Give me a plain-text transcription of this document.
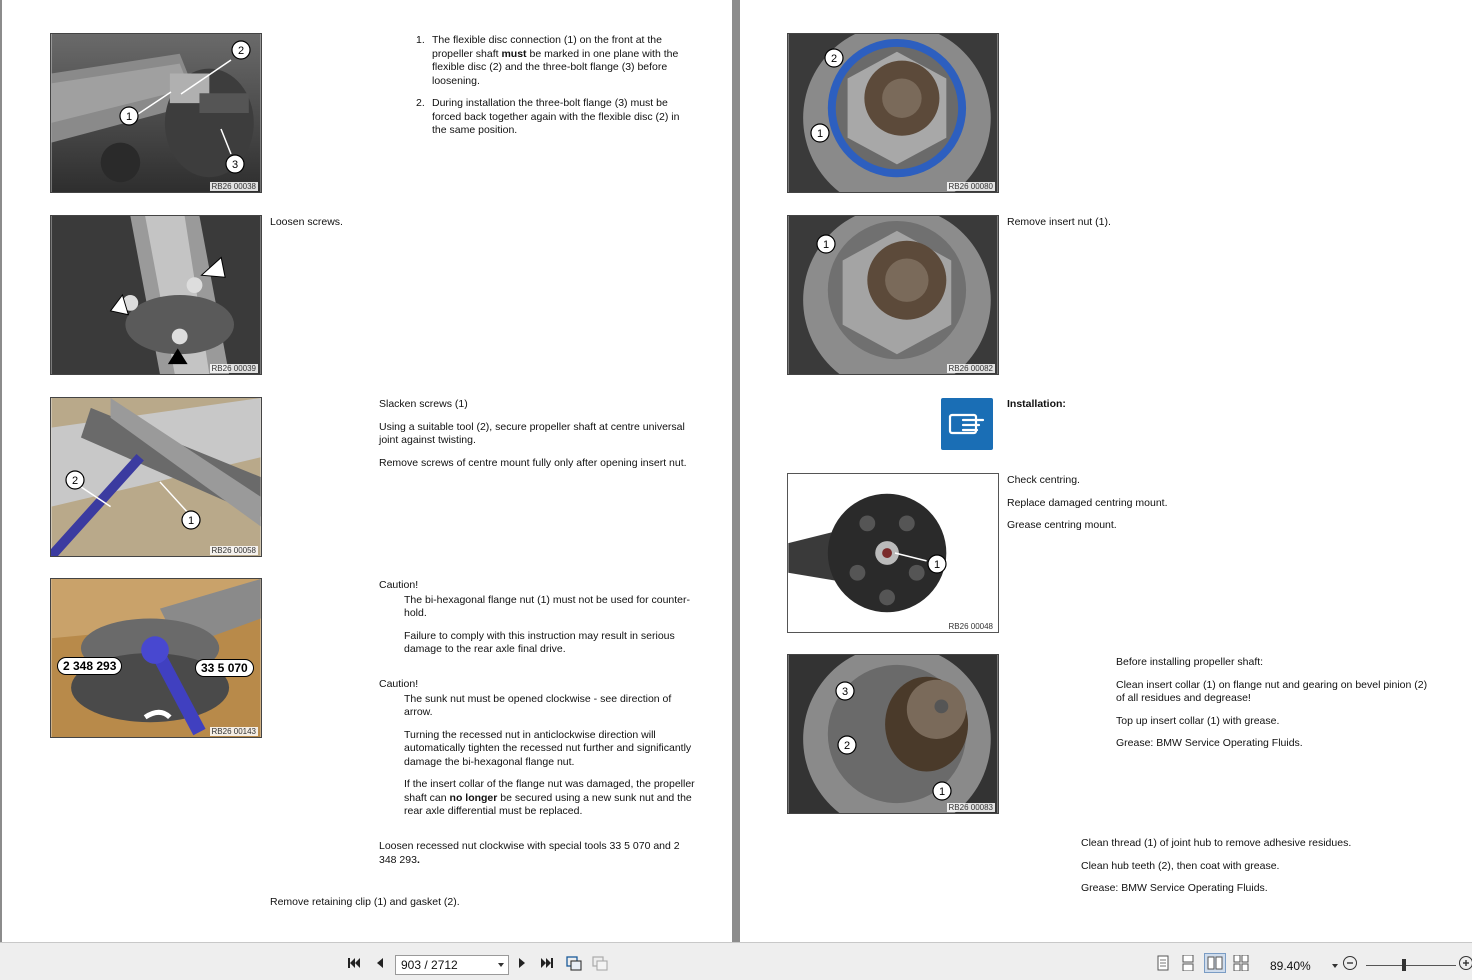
1
2
3
RB26 00038
1. The flexible disc connection (1) on the front at the propeller shaft must be marked in one plane with the flexible disc (2) and the three-bolt flange (3) before loosening.
2. During installation the three-bolt flange (3) must be forced back together again with the flexible disc (2) in the same position.
RB26 00039

Loosen screws.

2
1
RB26 00058

Slacken screws (1)

Using a suitable tool (2), secure propeller shaft at centre universal joint against twisting.

Remove screws of centre mount fully only after opening insert nut.

2 348 293	33 5 070
RB26 00143

Caution!

The bi-hexagonal flange nut (1) must not be used for counter-hold.

Failure to comply with this instruction may result in serious damage to the rear axle final drive.

Caution!

The sunk nut must be opened clockwise - see direction of arrow.

Turning the recessed nut in anticlockwise direction will automatically tighten the recessed nut further and significantly damage the bi-hexagonal flange nut.

If the insert collar of the flange nut was damaged, the propeller shaft can no longer be secured using a new sunk nut and the rear axle differential must be replaced.

Loosen recessed nut clockwise with special tools 33 5 070 and 2 348 293.

Remove retaining clip (1) and gasket (2).

2
1
RB26 00080
1
RB26 00082

Remove insert nut (1).

Installation:

1
RB26 00048

Check centring.

Replace damaged centring mount.

Grease centring mount.

3
2
1
RB26 00083

Before installing propeller shaft:

Clean insert collar (1) on flange nut and gearing on bevel pinion (2) of all residues and degrease!

Top up insert collar (1) with grease.

Grease: BMW Service Operating Fluids.

Clean thread (1) of joint hub to remove adhesive residues.

Clean hub teeth (2), then coat with grease.

Grease: BMW Service Operating Fluids.

903 / 2712	89.40%
